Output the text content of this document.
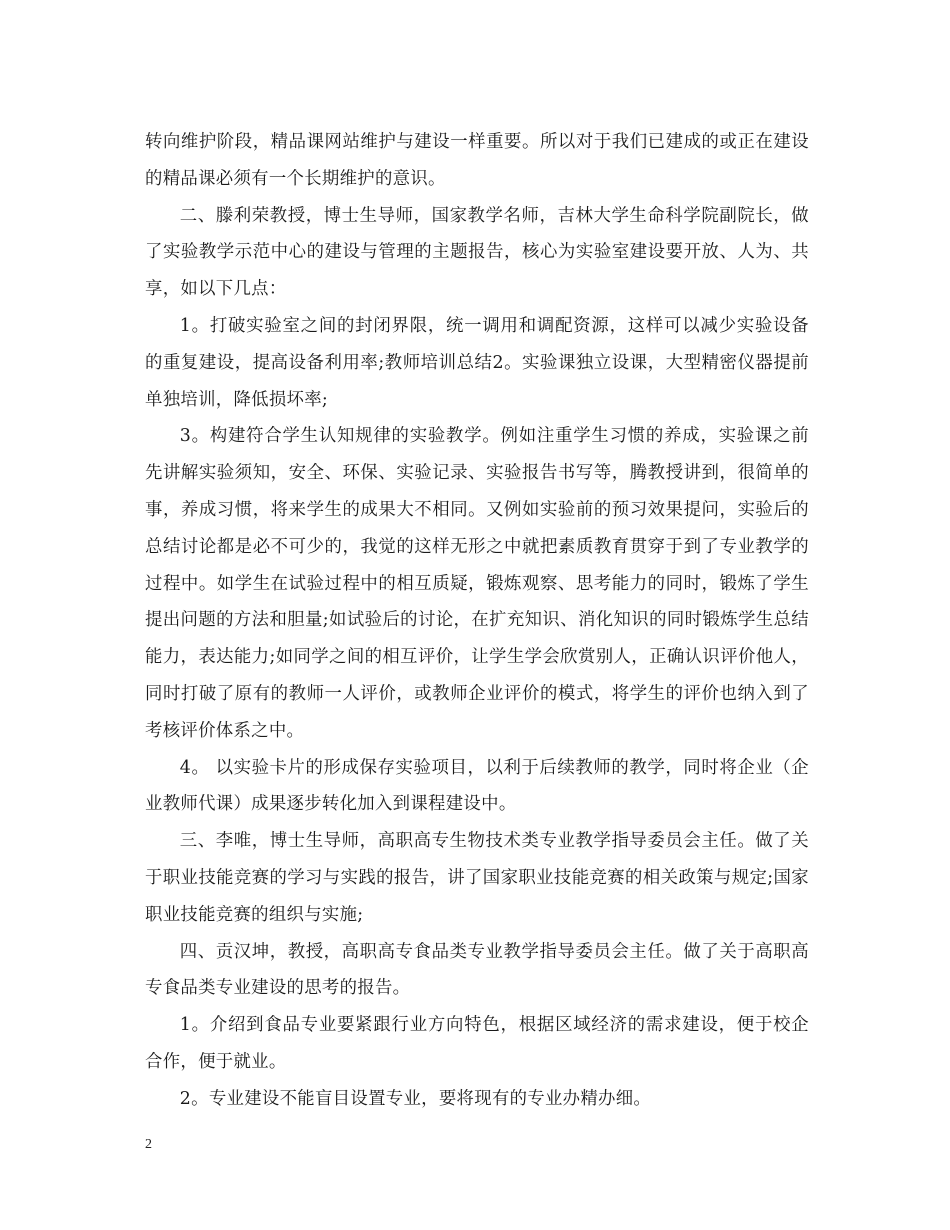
转向维护阶段，精品课网站维护与建设一样重要。所以对于我们已建成的或正在建设的精品课必须有一个长期维护的意识。

二、滕利荣教授，博士生导师，国家教学名师，吉林大学生命科学院副院长，做了实验教学示范中心的建设与管理的主题报告，核心为实验室建设要开放、人为、共享，如以下几点：

1。打破实验室之间的封闭界限，统一调用和调配资源，这样可以减少实验设备的重复建设，提高设备利用率;教师培训总结2。实验课独立设课，大型精密仪器提前单独培训，降低损坏率;

3。构建符合学生认知规律的实验教学。例如注重学生习惯的养成，实验课之前先讲解实验须知，安全、环保、实验记录、实验报告书写等，腾教授讲到，很简单的事，养成习惯，将来学生的成果大不相同。又例如实验前的预习效果提问，实验后的总结讨论都是必不可少的，我觉的这样无形之中就把素质教育贯穿于到了专业教学的过程中。如学生在试验过程中的相互质疑，锻炼观察、思考能力的同时，锻炼了学生提出问题的方法和胆量;如试验后的讨论，在扩充知识、消化知识的同时锻炼学生总结能力，表达能力;如同学之间的相互评价，让学生学会欣赏别人，正确认识评价他人，同时打破了原有的教师一人评价，或教师企业评价的模式，将学生的评价也纳入到了考核评价体系之中。

4。 以实验卡片的形成保存实验项目，以利于后续教师的教学，同时将企业（企业教师代课）成果逐步转化加入到课程建设中。

三、李唯，博士生导师，高职高专生物技术类专业教学指导委员会主任。做了关于职业技能竞赛的学习与实践的报告，讲了国家职业技能竞赛的相关政策与规定;国家职业技能竞赛的组织与实施;

四、贡汉坤，教授，高职高专食品类专业教学指导委员会主任。做了关于高职高专食品类专业建设的思考的报告。

1。介绍到食品专业要紧跟行业方向特色，根据区域经济的需求建设，便于校企合作，便于就业。

2。专业建设不能盲目设置专业，要将现有的专业办精办细。

2
